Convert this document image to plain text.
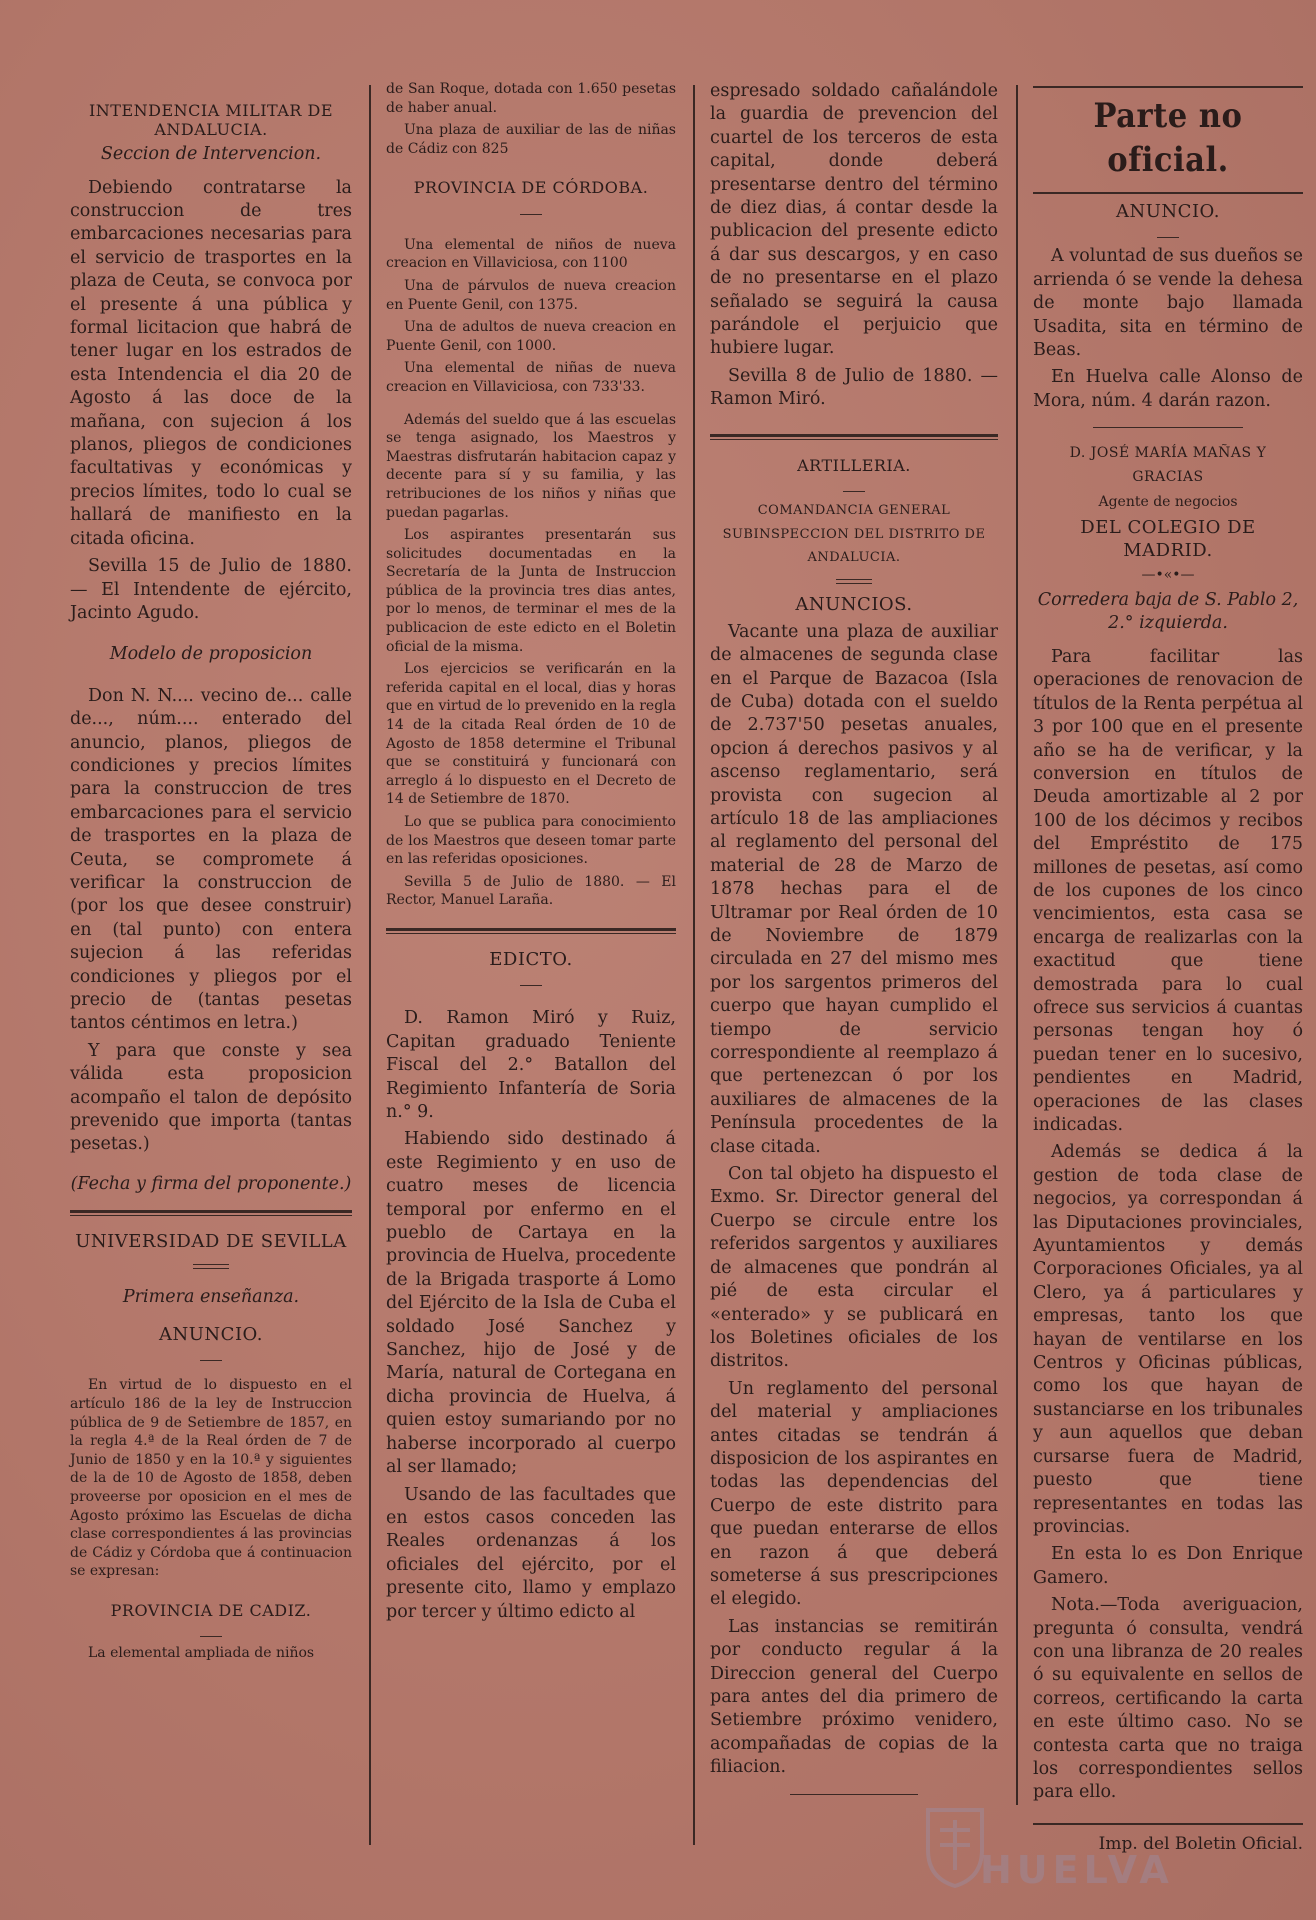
INTENDENCIA MILITAR DE ANDALUCIA.
Seccion de Intervencion.

Debiendo contratarse la construccion de tres embarcaciones necesarias para el servicio de trasportes en la plaza de Ceuta, se convoca por el presente á una pública y formal licitacion que habrá de tener lugar en los estrados de esta Intendencia el dia 20 de Agosto á las doce de la mañana, con sujecion á los planos, pliegos de condiciones facultativas y económicas y precios límites, todo lo cual se hallará de manifiesto en la citada oficina.

Sevilla 15 de Julio de 1880. — El Intendente de ejército, Jacinto Agudo.

Modelo de proposicion

Don N. N.... vecino de... calle de..., núm.... enterado del anuncio, planos, pliegos de condiciones y precios límites para la construccion de tres embarcaciones para el servicio de trasportes en la plaza de Ceuta, se compromete á verificar la construccion de (por los que desee construir) en (tal punto) con entera sujecion á las referidas condiciones y pliegos por el precio de (tantas pesetas tantos céntimos en letra.)

Y para que conste y sea válida esta proposicion acompaño el talon de depósito prevenido que importa (tantas pesetas.)

(Fecha y firma del proponente.)
UNIVERSIDAD DE SEVILLA
Primera enseñanza.
ANUNCIO.

En virtud de lo dispuesto en el artículo 186 de la ley de Instruccion pública de 9 de Setiembre de 1857, en la regla 4.ª de la Real órden de 7 de Junio de 1850 y en la 10.ª y siguientes de la de 10 de Agosto de 1858, deben proveerse por oposicion en el mes de Agosto próximo las Escuelas de dicha clase correspondientes á las provincias de Cádiz y Córdoba que á continuacion se expresan:

PROVINCIA DE CADIZ.

La elemental ampliada de niños

de San Roque, dotada con 1.650 pesetas de haber anual.

Una plaza de auxiliar de las de niñas de Cádiz con 825

PROVINCIA DE CÓRDOBA.

Una elemental de niños de nueva creacion en Villaviciosa, con 1100

Una de párvulos de nueva creacion en Puente Genil, con 1375.

Una de adultos de nueva creacion en Puente Genil, con 1000.

Una elemental de niñas de nueva creacion en Villaviciosa, con 733'33.

Además del sueldo que á las escuelas se tenga asignado, los Maestros y Maestras disfrutarán habitacion capaz y decente para sí y su familia, y las retribuciones de los niños y niñas que puedan pagarlas.

Los aspirantes presentarán sus solicitudes documentadas en la Secretaría de la Junta de Instruccion pública de la provincia tres dias antes, por lo menos, de terminar el mes de la publicacion de este edicto en el Boletin oficial de la misma.

Los ejercicios se verificarán en la referida capital en el local, dias y horas que en virtud de lo prevenido en la regla 14 de la citada Real órden de 10 de Agosto de 1858 determine el Tribunal que se constituirá y funcionará con arreglo á lo dispuesto en el Decreto de 14 de Setiembre de 1870.

Lo que se publica para conocimiento de los Maestros que deseen tomar parte en las referidas oposiciones.

Sevilla 5 de Julio de 1880. — El Rector, Manuel Laraña.

EDICTO.

D. Ramon Miró y Ruiz, Capitan graduado Teniente Fiscal del 2.° Batallon del Regimiento Infantería de Soria n.° 9.

Habiendo sido destinado á este Regimiento y en uso de cuatro meses de licencia temporal por enfermo en el pueblo de Cartaya en la provincia de Huelva, procedente de la Brigada trasporte á Lomo del Ejército de la Isla de Cuba el soldado José Sanchez y Sanchez, hijo de José y de María, natural de Cortegana en dicha provincia de Huelva, á quien estoy sumariando por no haberse incorporado al cuerpo al ser llamado;

Usando de las facultades que en estos casos conceden las Reales ordenanzas á los oficiales del ejército, por el presente cito, llamo y emplazo por tercer y último edicto al

espresado soldado cañalándole la guardia de prevencion del cuartel de los terceros de esta capital, donde deberá presentarse dentro del término de diez dias, á contar desde la publicacion del presente edicto á dar sus descargos, y en caso de no presentarse en el plazo señalado se seguirá la causa parándole el perjuicio que hubiere lugar.

Sevilla 8 de Julio de 1880. — Ramon Miró.

ARTILLERIA.
COMANDANCIA GENERAL SUBINSPECCION DEL DISTRITO DE ANDALUCIA.
ANUNCIOS.

Vacante una plaza de auxiliar de almacenes de segunda clase en el Parque de Bazacoa (Isla de Cuba) dotada con el sueldo de 2.737'50 pesetas anuales, opcion á derechos pasivos y al ascenso reglamentario, será provista con sugecion al artículo 18 de las ampliaciones al reglamento del personal del material de 28 de Marzo de 1878 hechas para el de Ultramar por Real órden de 10 de Noviembre de 1879 circulada en 27 del mismo mes por los sargentos primeros del cuerpo que hayan cumplido el tiempo de servicio correspondiente al reemplazo á que pertenezcan ó por los auxiliares de almacenes de la Península procedentes de la clase citada.

Con tal objeto ha dispuesto el Exmo. Sr. Director general del Cuerpo se circule entre los referidos sargentos y auxiliares de almacenes que pondrán al pié de esta circular el «enterado» y se publicará en los Boletines oficiales de los distritos.

Un reglamento del personal del material y ampliaciones antes citadas se tendrán á disposicion de los aspirantes en todas las dependencias del Cuerpo de este distrito para que puedan enterarse de ellos en razon á que deberá someterse á sus prescripciones el elegido.

Las instancias se remitirán por conducto regular á la Direccion general del Cuerpo para antes del dia primero de Setiembre próximo venidero, acompañadas de copias de la filiacion.

Parte no oficial.
ANUNCIO.

A voluntad de sus dueños se arrienda ó se vende la dehesa de monte bajo llamada Usadita, sita en término de Beas.

En Huelva calle Alonso de Mora, núm. 4 darán razon.

D. JOSÉ MARÍA MAÑAS Y GRACIAS
Agente de negocios
DEL COLEGIO DE MADRID.
—•«•—
Corredera baja de S. Pablo 2, 2.° izquierda.

Para facilitar las operaciones de renovacion de títulos de la Renta perpétua al 3 por 100 que en el presente año se ha de verificar, y la conversion en títulos de Deuda amortizable al 2 por 100 de los décimos y recibos del Empréstito de 175 millones de pesetas, así como de los cupones de los cinco vencimientos, esta casa se encarga de realizarlas con la exactitud que tiene demostrada para lo cual ofrece sus servicios á cuantas personas tengan hoy ó puedan tener en lo sucesivo, pendientes en Madrid, operaciones de las clases indicadas.

Además se dedica á la gestion de toda clase de negocios, ya correspondan á las Diputaciones provinciales, Ayuntamientos y demás Corporaciones Oficiales, ya al Clero, ya á particulares y empresas, tanto los que hayan de ventilarse en los Centros y Oficinas públicas, como los que hayan de sustanciarse en los tribunales y aun aquellos que deban cursarse fuera de Madrid, puesto que tiene representantes en todas las provincias.

En esta lo es Don Enrique Gamero.

Nota.—Toda averiguacion, pregunta ó consulta, vendrá con una libranza de 20 reales ó su equivalente en sellos de correos, certificando la carta en este último caso. No se contesta carta que no traiga los correspondientes sellos para ello.

Imp. del Boletin Oficial.
HUELVA
